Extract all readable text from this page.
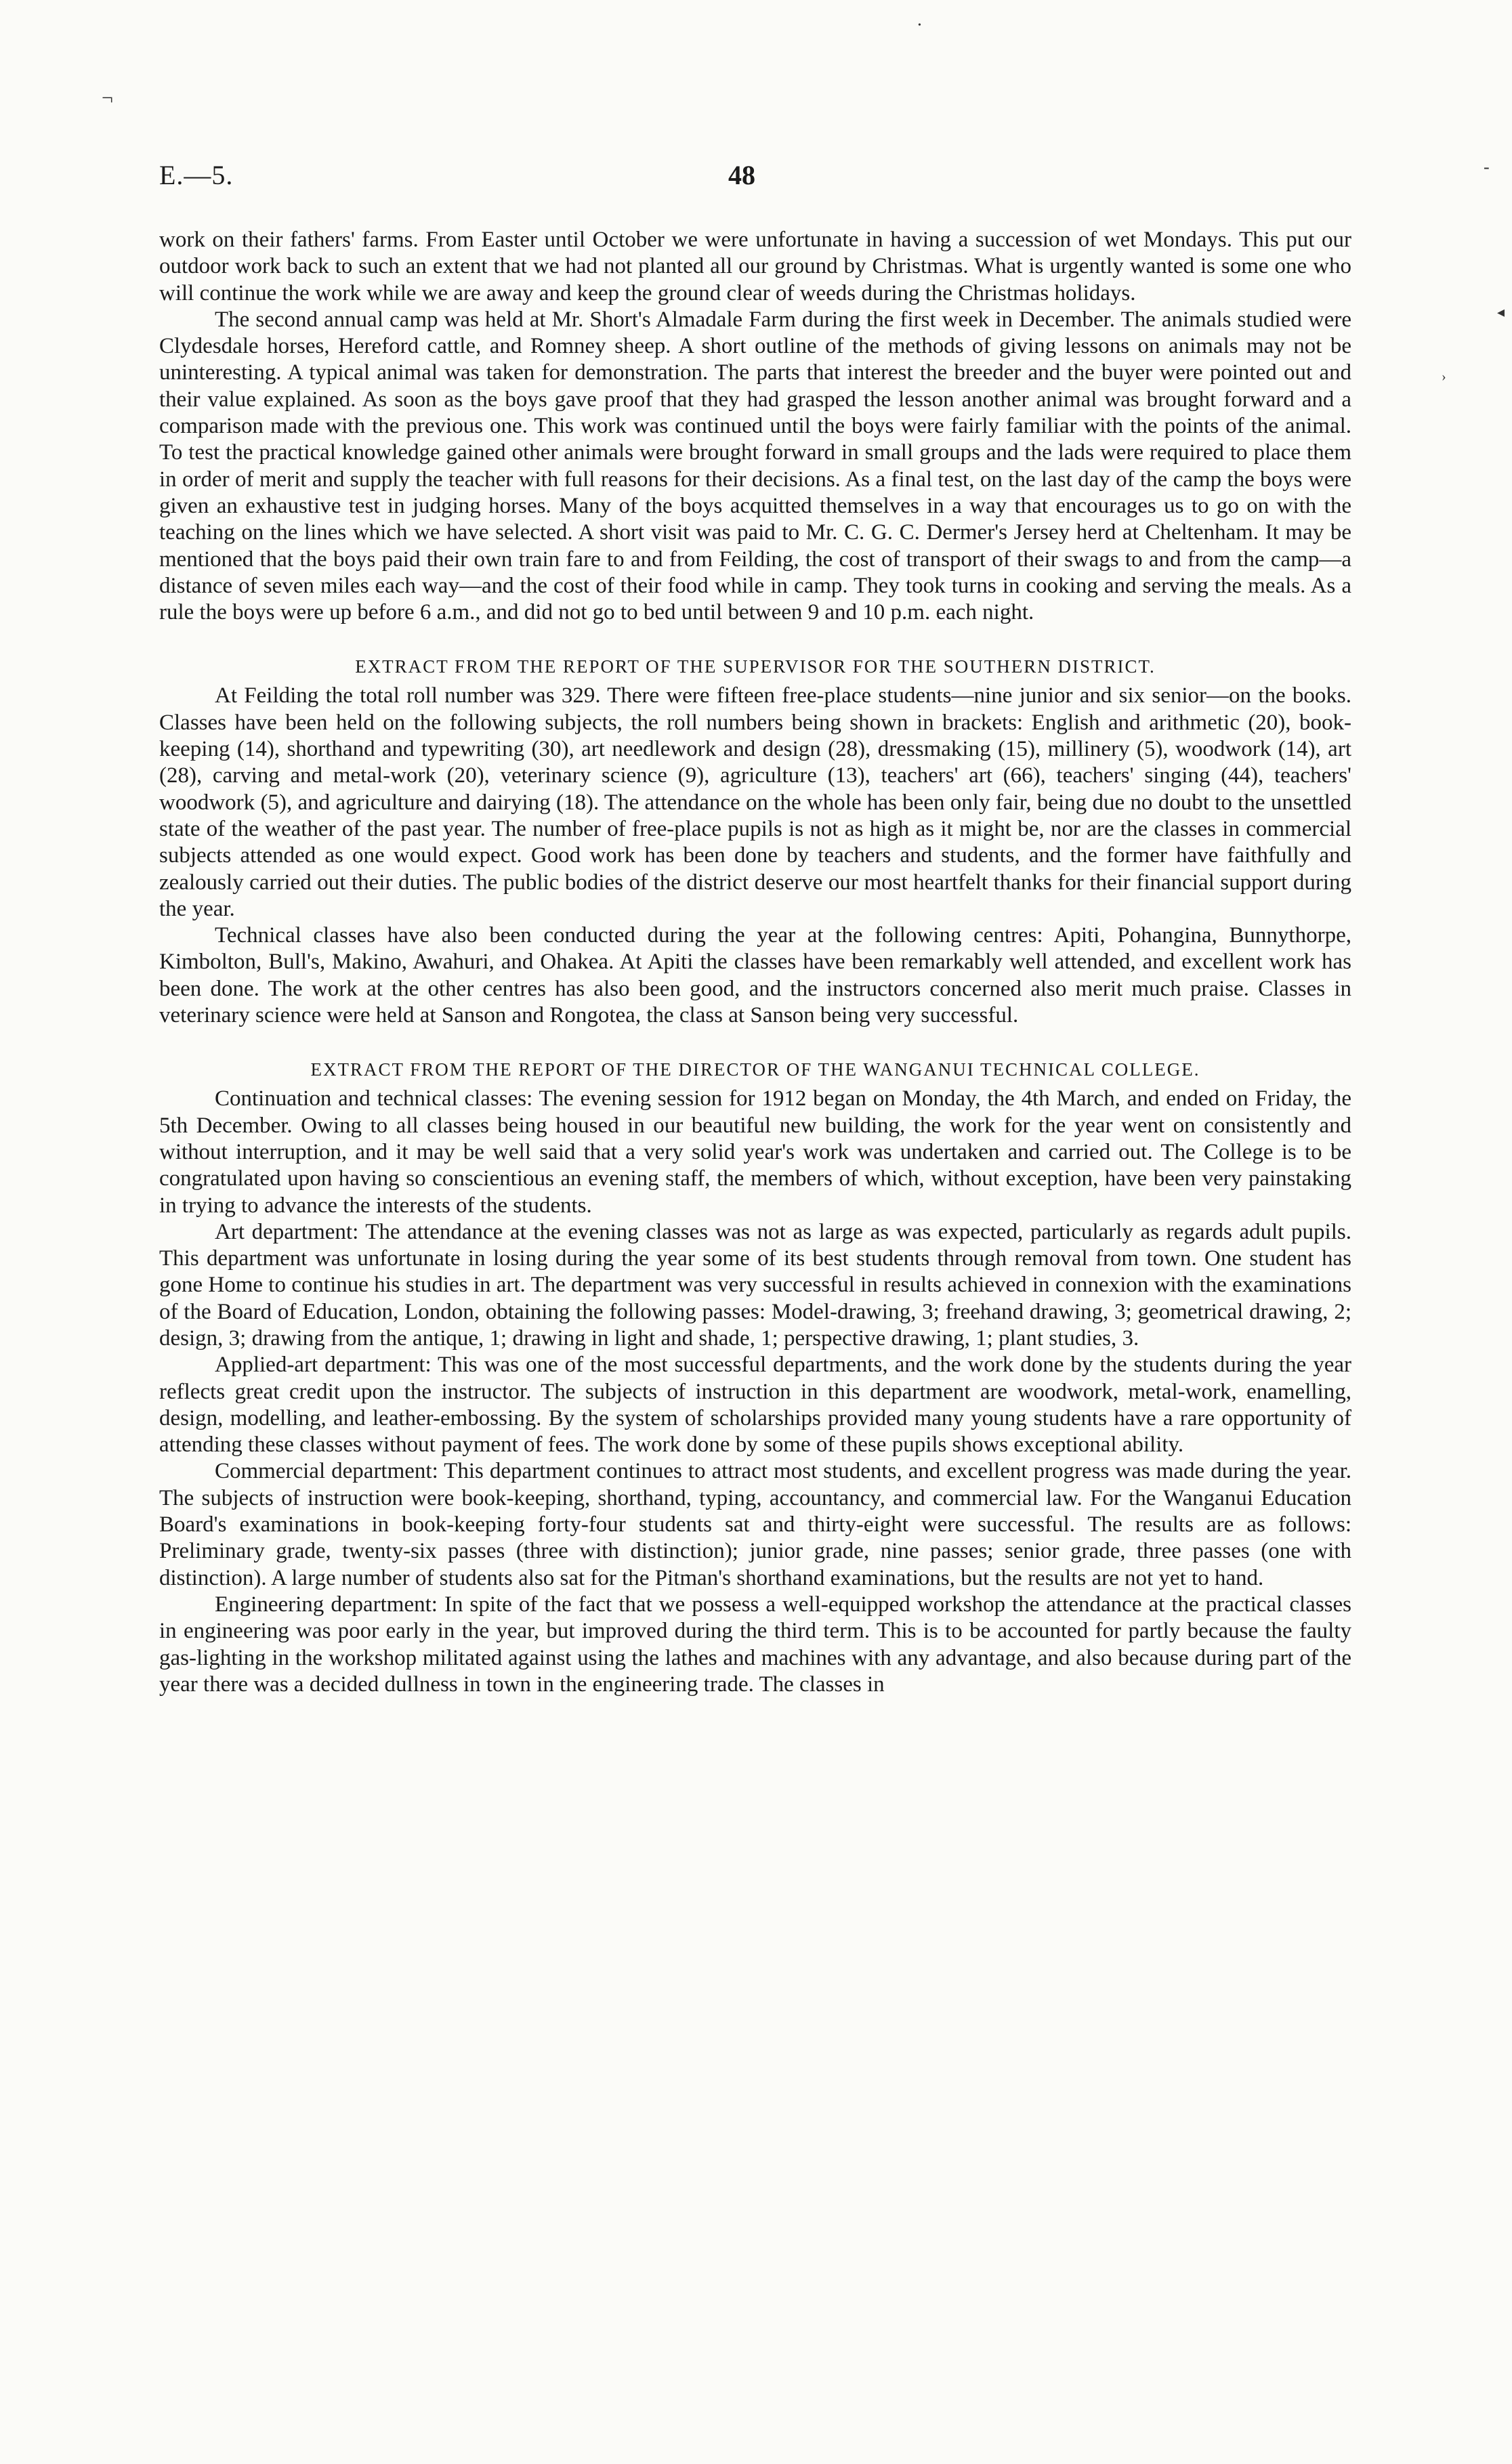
¬
•
-
◂
›
E.—5.	48

work on their fathers' farms. From Easter until October we were unfortunate in having a succession of wet Mondays. This put our outdoor work back to such an extent that we had not planted all our ground by Christmas. What is urgently wanted is some one who will continue the work while we are away and keep the ground clear of weeds during the Christmas holidays.

The second annual camp was held at Mr. Short's Almadale Farm during the first week in December. The animals studied were Clydesdale horses, Hereford cattle, and Romney sheep. A short outline of the methods of giving lessons on animals may not be uninteresting. A typical animal was taken for demonstration. The parts that interest the breeder and the buyer were pointed out and their value explained. As soon as the boys gave proof that they had grasped the lesson another animal was brought forward and a comparison made with the previous one. This work was continued until the boys were fairly familiar with the points of the animal. To test the practical knowledge gained other animals were brought forward in small groups and the lads were required to place them in order of merit and supply the teacher with full reasons for their decisions. As a final test, on the last day of the camp the boys were given an exhaustive test in judging horses. Many of the boys acquitted themselves in a way that encourages us to go on with the teaching on the lines which we have selected. A short visit was paid to Mr. C. G. C. Dermer's Jersey herd at Cheltenham. It may be mentioned that the boys paid their own train fare to and from Feilding, the cost of transport of their swags to and from the camp—a distance of seven miles each way—and the cost of their food while in camp. They took turns in cooking and serving the meals. As a rule the boys were up before 6 a.m., and did not go to bed until between 9 and 10 p.m. each night.

EXTRACT FROM THE REPORT OF THE SUPERVISOR FOR THE SOUTHERN DISTRICT.

At Feilding the total roll number was 329. There were fifteen free-place students—nine junior and six senior—on the books. Classes have been held on the following subjects, the roll numbers being shown in brackets: English and arithmetic (20), book-keeping (14), shorthand and typewriting (30), art needlework and design (28), dressmaking (15), millinery (5), woodwork (14), art (28), carving and metal-work (20), veterinary science (9), agriculture (13), teachers' art (66), teachers' singing (44), teachers' woodwork (5), and agriculture and dairying (18). The attendance on the whole has been only fair, being due no doubt to the unsettled state of the weather of the past year. The number of free-place pupils is not as high as it might be, nor are the classes in commercial subjects attended as one would expect. Good work has been done by teachers and students, and the former have faithfully and zealously carried out their duties. The public bodies of the district deserve our most heartfelt thanks for their financial support during the year.

Technical classes have also been conducted during the year at the following centres: Apiti, Pohangina, Bunnythorpe, Kimbolton, Bull's, Makino, Awahuri, and Ohakea. At Apiti the classes have been remarkably well attended, and excellent work has been done. The work at the other centres has also been good, and the instructors concerned also merit much praise. Classes in veterinary science were held at Sanson and Rongotea, the class at Sanson being very successful.

EXTRACT FROM THE REPORT OF THE DIRECTOR OF THE WANGANUI TECHNICAL COLLEGE.

Continuation and technical classes: The evening session for 1912 began on Monday, the 4th March, and ended on Friday, the 5th December. Owing to all classes being housed in our beautiful new building, the work for the year went on consistently and without interruption, and it may be well said that a very solid year's work was undertaken and carried out. The College is to be congratulated upon having so conscientious an evening staff, the members of which, without exception, have been very painstaking in trying to advance the interests of the students.

Art department: The attendance at the evening classes was not as large as was expected, particularly as regards adult pupils. This department was unfortunate in losing during the year some of its best students through removal from town. One student has gone Home to continue his studies in art. The department was very successful in results achieved in connexion with the examinations of the Board of Education, London, obtaining the following passes: Model-drawing, 3; freehand drawing, 3; geometrical drawing, 2; design, 3; drawing from the antique, 1; drawing in light and shade, 1; perspective drawing, 1; plant studies, 3.

Applied-art department: This was one of the most successful departments, and the work done by the students during the year reflects great credit upon the instructor. The subjects of instruction in this department are woodwork, metal-work, enamelling, design, modelling, and leather-embossing. By the system of scholarships provided many young students have a rare opportunity of attending these classes without payment of fees. The work done by some of these pupils shows exceptional ability.

Commercial department: This department continues to attract most students, and excellent progress was made during the year. The subjects of instruction were book-keeping, shorthand, typing, accountancy, and commercial law. For the Wanganui Education Board's examinations in book-keeping forty-four students sat and thirty-eight were successful. The results are as follows: Preliminary grade, twenty-six passes (three with distinction); junior grade, nine passes; senior grade, three passes (one with distinction). A large number of students also sat for the Pitman's shorthand examinations, but the results are not yet to hand.

Engineering department: In spite of the fact that we possess a well-equipped workshop the attendance at the practical classes in engineering was poor early in the year, but improved during the third term. This is to be accounted for partly because the faulty gas-lighting in the workshop militated against using the lathes and machines with any advantage, and also because during part of the year there was a decided dullness in town in the engineering trade. The classes in
